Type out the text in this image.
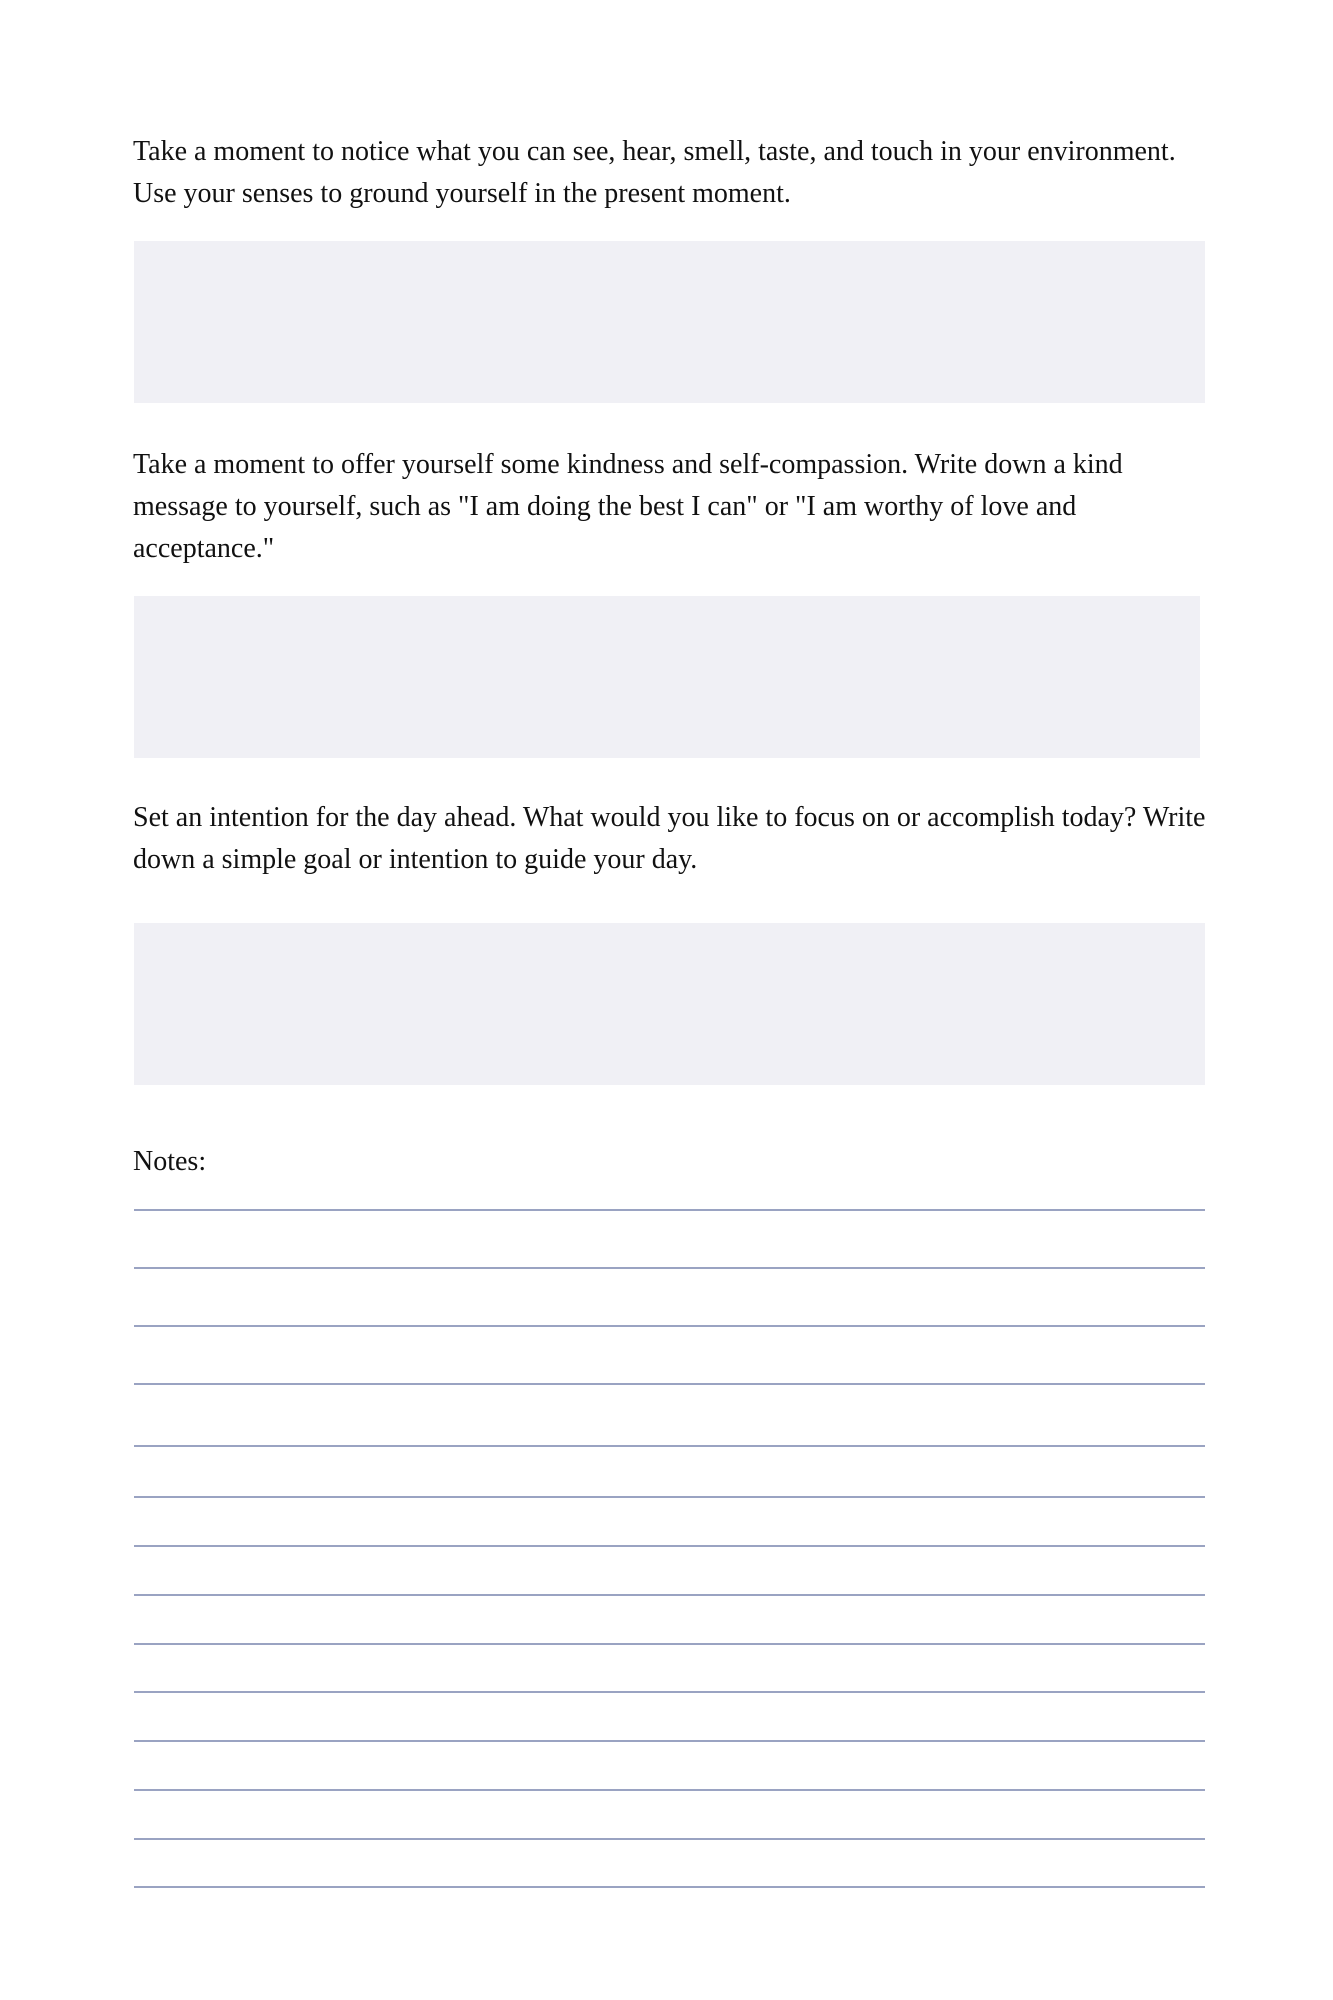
Take a moment to notice what you can see, hear, smell, taste, and touch in your environment. Use your senses to ground yourself in the present moment.

Take a moment to offer yourself some kindness and self-compassion. Write down a kind message to yourself, such as "I am doing the best I can" or "I am worthy of love and acceptance."

Set an intention for the day ahead. What would you like to focus on or accomplish today? Write down a simple goal or intention to guide your day.

Notes:
